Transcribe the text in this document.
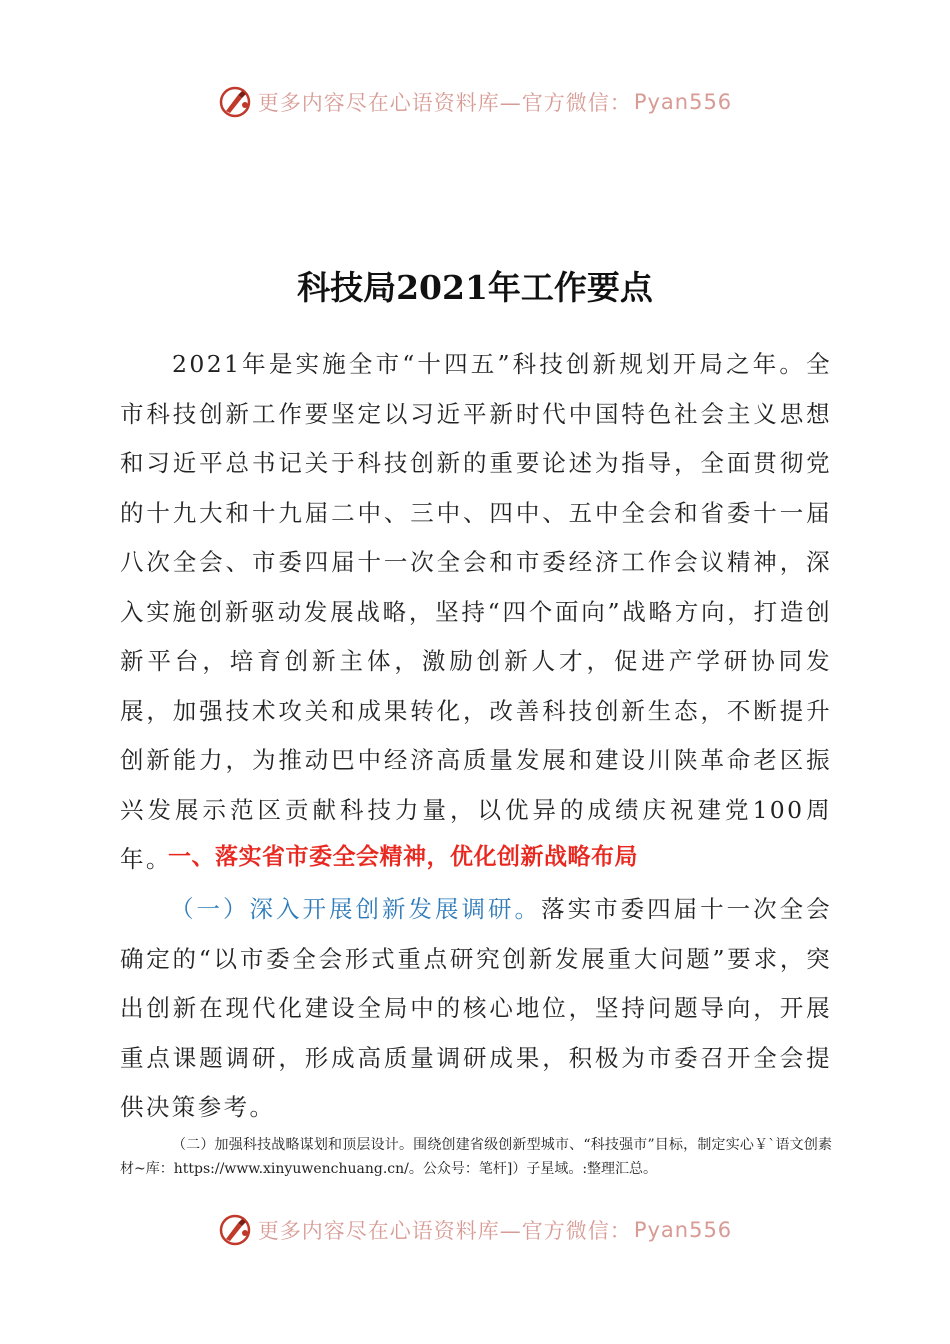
更多内容尽在心语资料库—官方微信： Pyan556
科技局2021年工作要点
2021年是实施全市“十四五”科技创新规划开局之年。全市科技创新工作要坚定以习近平新时代中国特色社会主义思想和习近平总书记关于科技创新的重要论述为指导，全面贯彻党的十九大和十九届二中、三中、四中、五中全会和省委十一届八次全会、市委四届十一次全会和市委经济工作会议精神，深入实施创新驱动发展战略，坚持“四个面向”战略方向，打造创新平台，培育创新主体，激励创新人才，促进产学研协同发展，加强技术攻关和成果转化，改善科技创新生态，不断提升创新能力，为推动巴中经济高质量发展和建设川陕革命老区振兴发展示范区贡献科技力量，以优异的成绩庆祝建党100周年。
一、落实省市委全会精神，优化创新战略布局
（一）深入开展创新发展调研。落实市委四届十一次全会确定的“以市委全会形式重点研究创新发展重大问题”要求，突出创新在现代化建设全局中的核心地位，坚持问题导向，开展重点课题调研，形成高质量调研成果，积极为市委召开全会提供决策参考。
（二）加强科技战略谋划和顶层设计。围绕创建省级创新型城市、“科技强市”目标，制定实心￥`语文创素材~库：https://www.xinyuwenchuang.cn/。公众号：笔杆]）子星域。:整理汇总。
更多内容尽在心语资料库—官方微信： Pyan556
